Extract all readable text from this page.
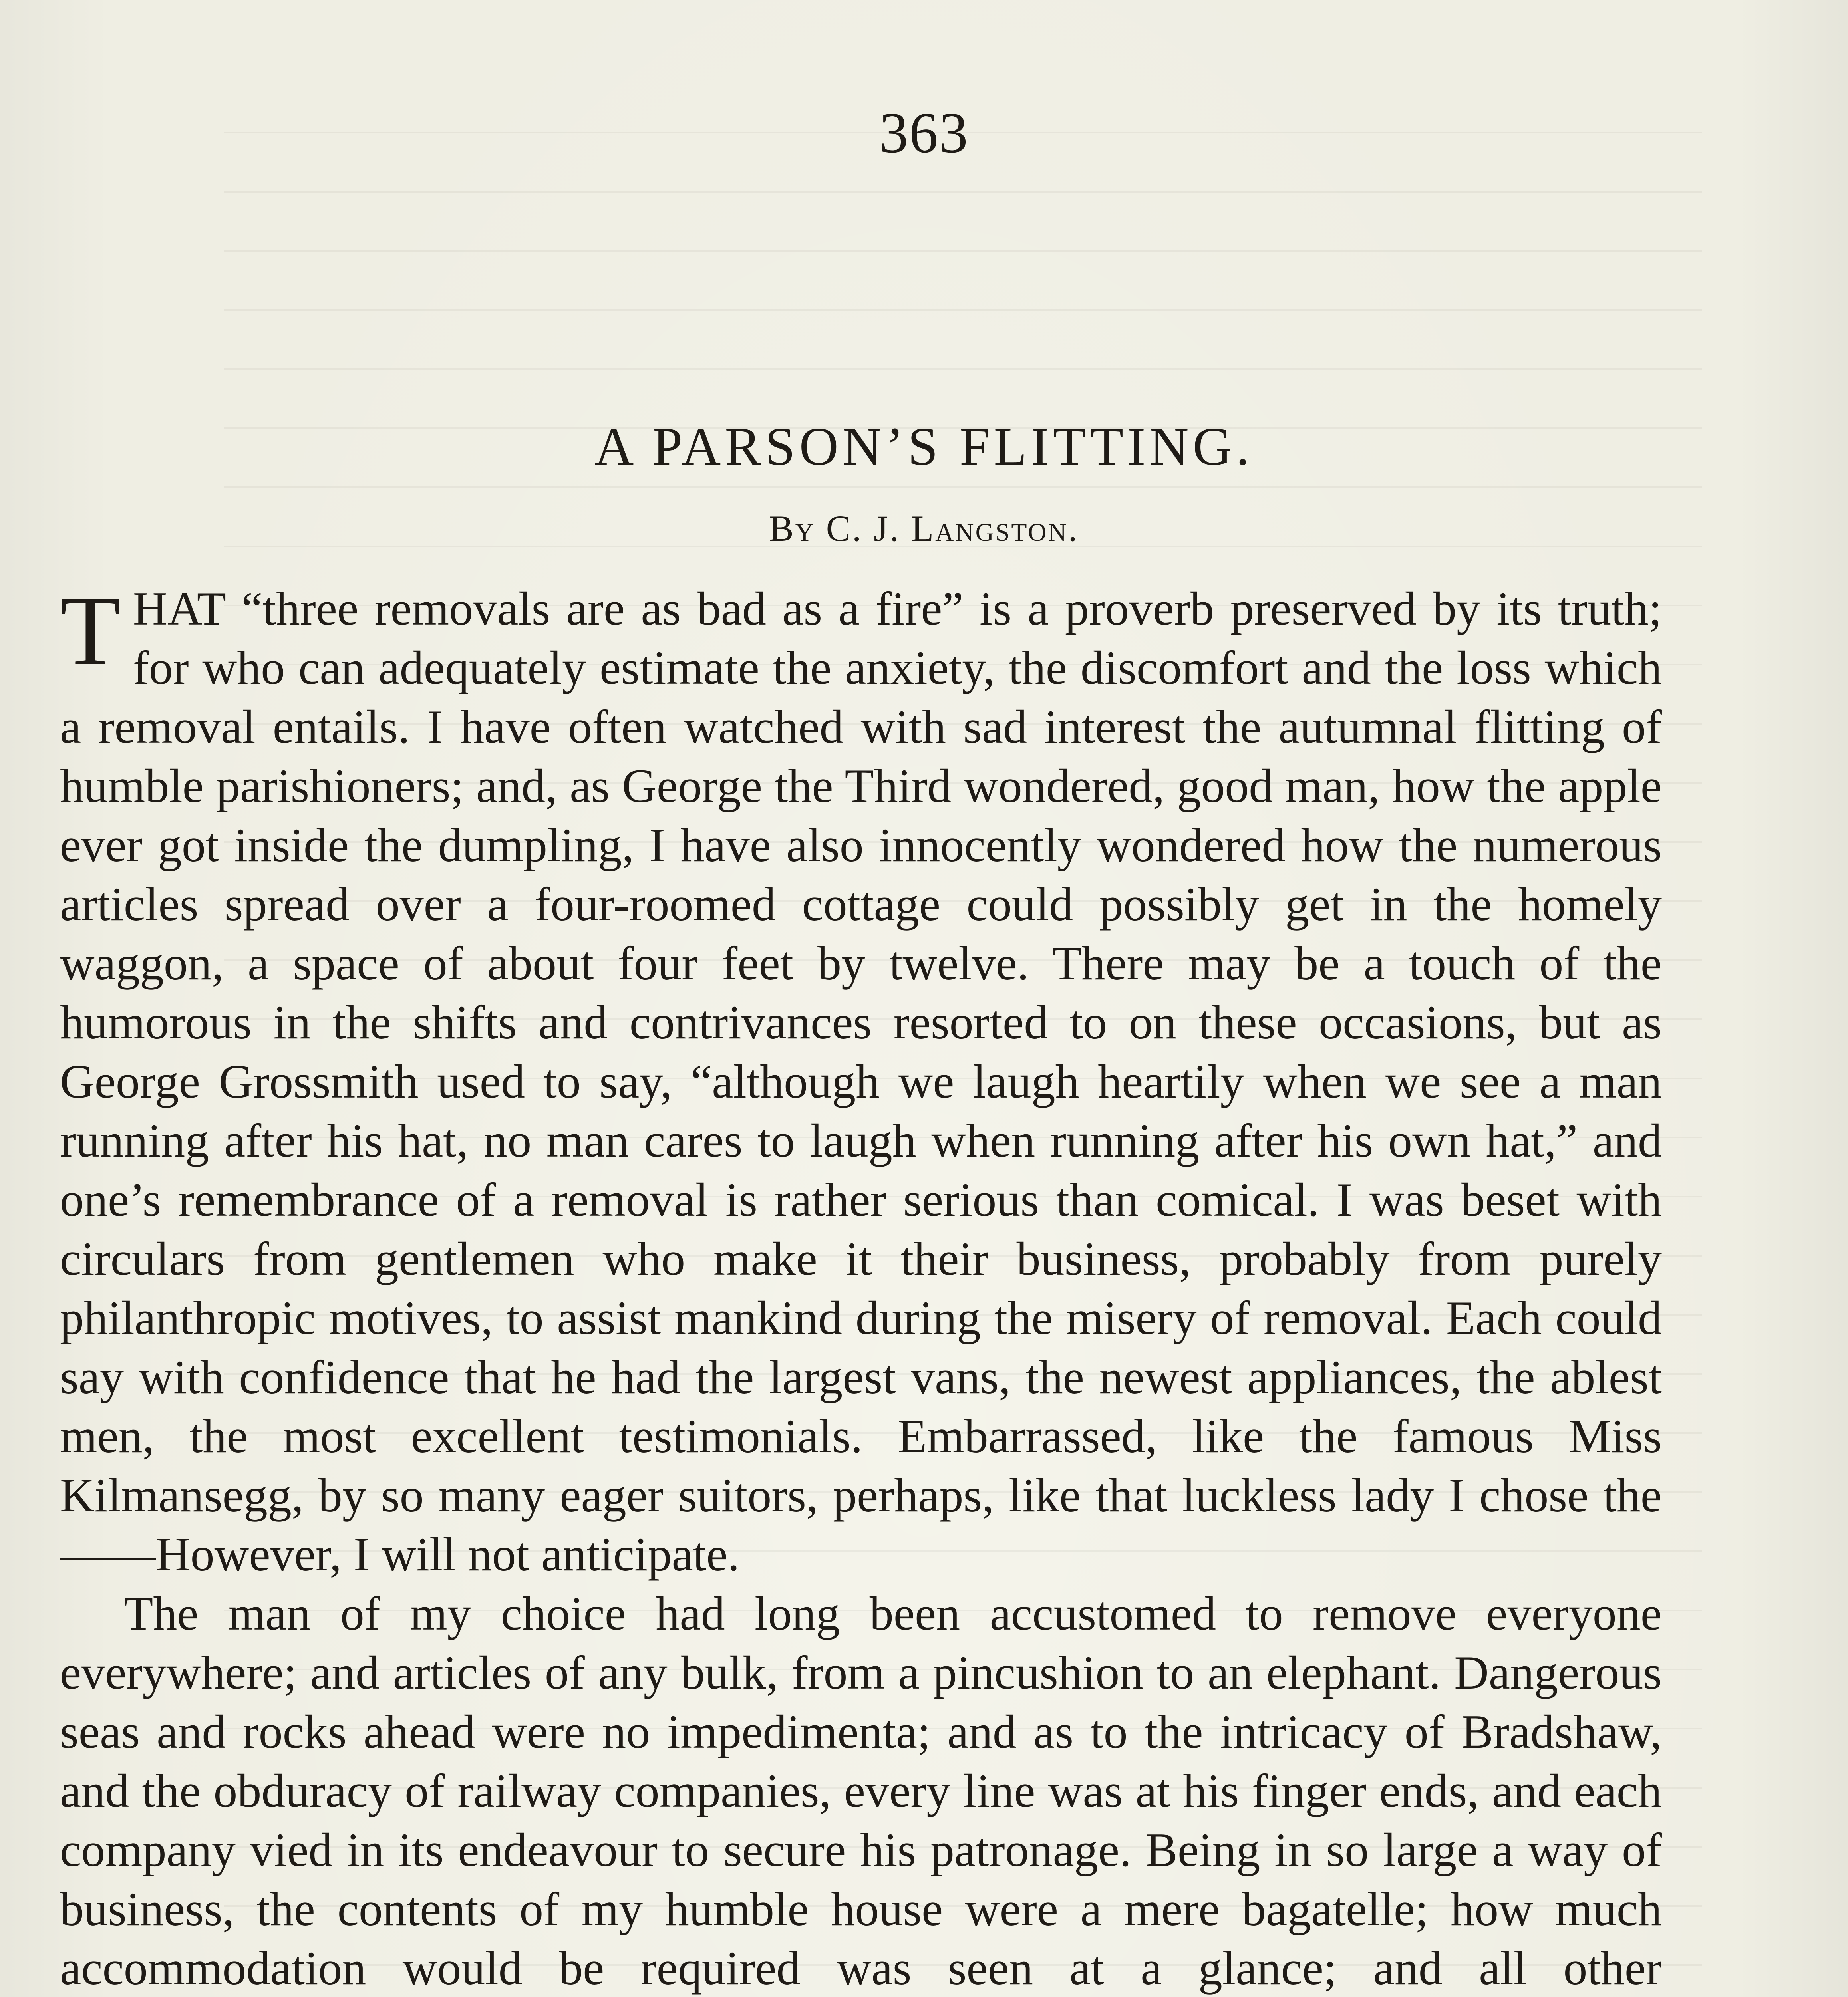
363
A PARSON’S FLITTING.
By C. J. Langston.

THAT “three removals are as bad as a fire” is a proverb preserved by its truth; for who can adequately estimate the anxiety, the discomfort and the loss which a removal entails. I have often watched with sad interest the autumnal flitting of humble parishioners; and, as George the Third wondered, good man, how the apple ever got inside the dumpling, I have also innocently wondered how the numerous articles spread over a four-roomed cottage could possibly get in the homely waggon, a space of about four feet by twelve. There may be a touch of the humorous in the shifts and contrivances resorted to on these occasions, but as George Grossmith used to say, “although we laugh heartily when we see a man running after his hat, no man cares to laugh when running after his own hat,” and one’s remembrance of a removal is rather serious than comical. I was beset with circulars from gentlemen who make it their business, probably from purely philanthropic motives, to assist mankind during the misery of removal. Each could say with confidence that he had the largest vans, the newest appliances, the ablest men, the most excellent testimonials. Embarrassed, like the famous Miss Kilmansegg, by so many eager suitors, perhaps, like that luckless lady I chose the——However, I will not anticipate.

The man of my choice had long been accustomed to remove everyone everywhere; and articles of any bulk, from a pincushion to an elephant. Dangerous seas and rocks ahead were no impedimenta; and as to the intricacy of Bradshaw, and the obduracy of railway companies, every line was at his finger ends, and each company vied in its endeavour to secure his patronage. Being in so large a way of business, the contents of my humble house were a mere bagatelle; how much accommodation would be required was seen at a glance; and all other
